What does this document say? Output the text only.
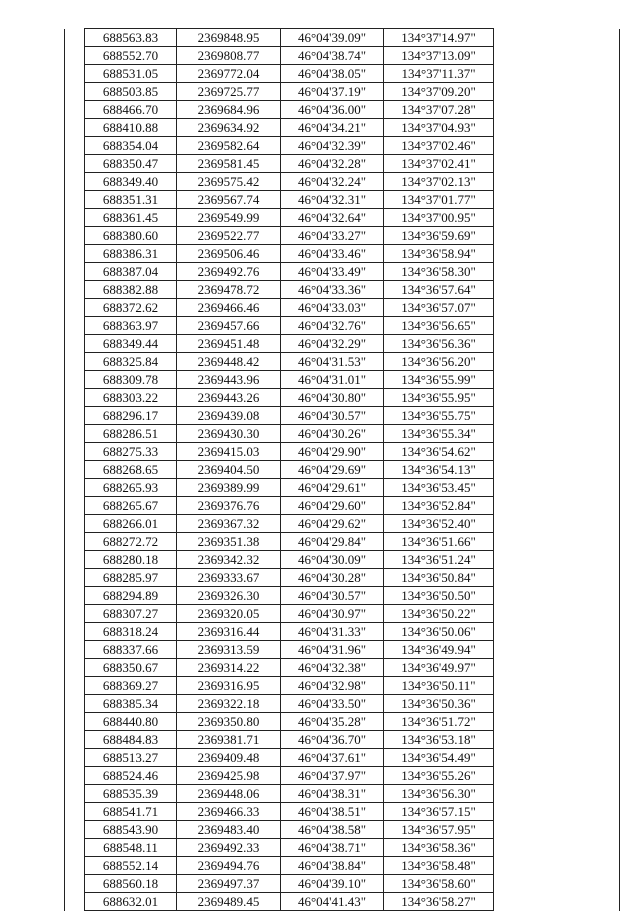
	688563.83	2369848.95	46°04'39.09"	134°37'14.97"	
	688552.70	2369808.77	46°04'38.74"	134°37'13.09"	
	688531.05	2369772.04	46°04'38.05"	134°37'11.37"	
	688503.85	2369725.77	46°04'37.19"	134°37'09.20"	
	688466.70	2369684.96	46°04'36.00"	134°37'07.28"	
	688410.88	2369634.92	46°04'34.21"	134°37'04.93"	
	688354.04	2369582.64	46°04'32.39"	134°37'02.46"	
	688350.47	2369581.45	46°04'32.28"	134°37'02.41"	
	688349.40	2369575.42	46°04'32.24"	134°37'02.13"	
	688351.31	2369567.74	46°04'32.31"	134°37'01.77"	
	688361.45	2369549.99	46°04'32.64"	134°37'00.95"	
	688380.60	2369522.77	46°04'33.27"	134°36'59.69"	
	688386.31	2369506.46	46°04'33.46"	134°36'58.94"	
	688387.04	2369492.76	46°04'33.49"	134°36'58.30"	
	688382.88	2369478.72	46°04'33.36"	134°36'57.64"	
	688372.62	2369466.46	46°04'33.03"	134°36'57.07"	
	688363.97	2369457.66	46°04'32.76"	134°36'56.65"	
	688349.44	2369451.48	46°04'32.29"	134°36'56.36"	
	688325.84	2369448.42	46°04'31.53"	134°36'56.20"	
	688309.78	2369443.96	46°04'31.01"	134°36'55.99"	
	688303.22	2369443.26	46°04'30.80"	134°36'55.95"	
	688296.17	2369439.08	46°04'30.57"	134°36'55.75"	
	688286.51	2369430.30	46°04'30.26"	134°36'55.34"	
	688275.33	2369415.03	46°04'29.90"	134°36'54.62"	
	688268.65	2369404.50	46°04'29.69"	134°36'54.13"	
	688265.93	2369389.99	46°04'29.61"	134°36'53.45"	
	688265.67	2369376.76	46°04'29.60"	134°36'52.84"	
	688266.01	2369367.32	46°04'29.62"	134°36'52.40"	
	688272.72	2369351.38	46°04'29.84"	134°36'51.66"	
	688280.18	2369342.32	46°04'30.09"	134°36'51.24"	
	688285.97	2369333.67	46°04'30.28"	134°36'50.84"	
	688294.89	2369326.30	46°04'30.57"	134°36'50.50"	
	688307.27	2369320.05	46°04'30.97"	134°36'50.22"	
	688318.24	2369316.44	46°04'31.33"	134°36'50.06"	
	688337.66	2369313.59	46°04'31.96"	134°36'49.94"	
	688350.67	2369314.22	46°04'32.38"	134°36'49.97"	
	688369.27	2369316.95	46°04'32.98"	134°36'50.11"	
	688385.34	2369322.18	46°04'33.50"	134°36'50.36"	
	688440.80	2369350.80	46°04'35.28"	134°36'51.72"	
	688484.83	2369381.71	46°04'36.70"	134°36'53.18"	
	688513.27	2369409.48	46°04'37.61"	134°36'54.49"	
	688524.46	2369425.98	46°04'37.97"	134°36'55.26"	
	688535.39	2369448.06	46°04'38.31"	134°36'56.30"	
	688541.71	2369466.33	46°04'38.51"	134°36'57.15"	
	688543.90	2369483.40	46°04'38.58"	134°36'57.95"	
	688548.11	2369492.33	46°04'38.71"	134°36'58.36"	
	688552.14	2369494.76	46°04'38.84"	134°36'58.48"	
	688560.18	2369497.37	46°04'39.10"	134°36'58.60"	
	688632.01	2369489.45	46°04'41.43"	134°36'58.27"	
